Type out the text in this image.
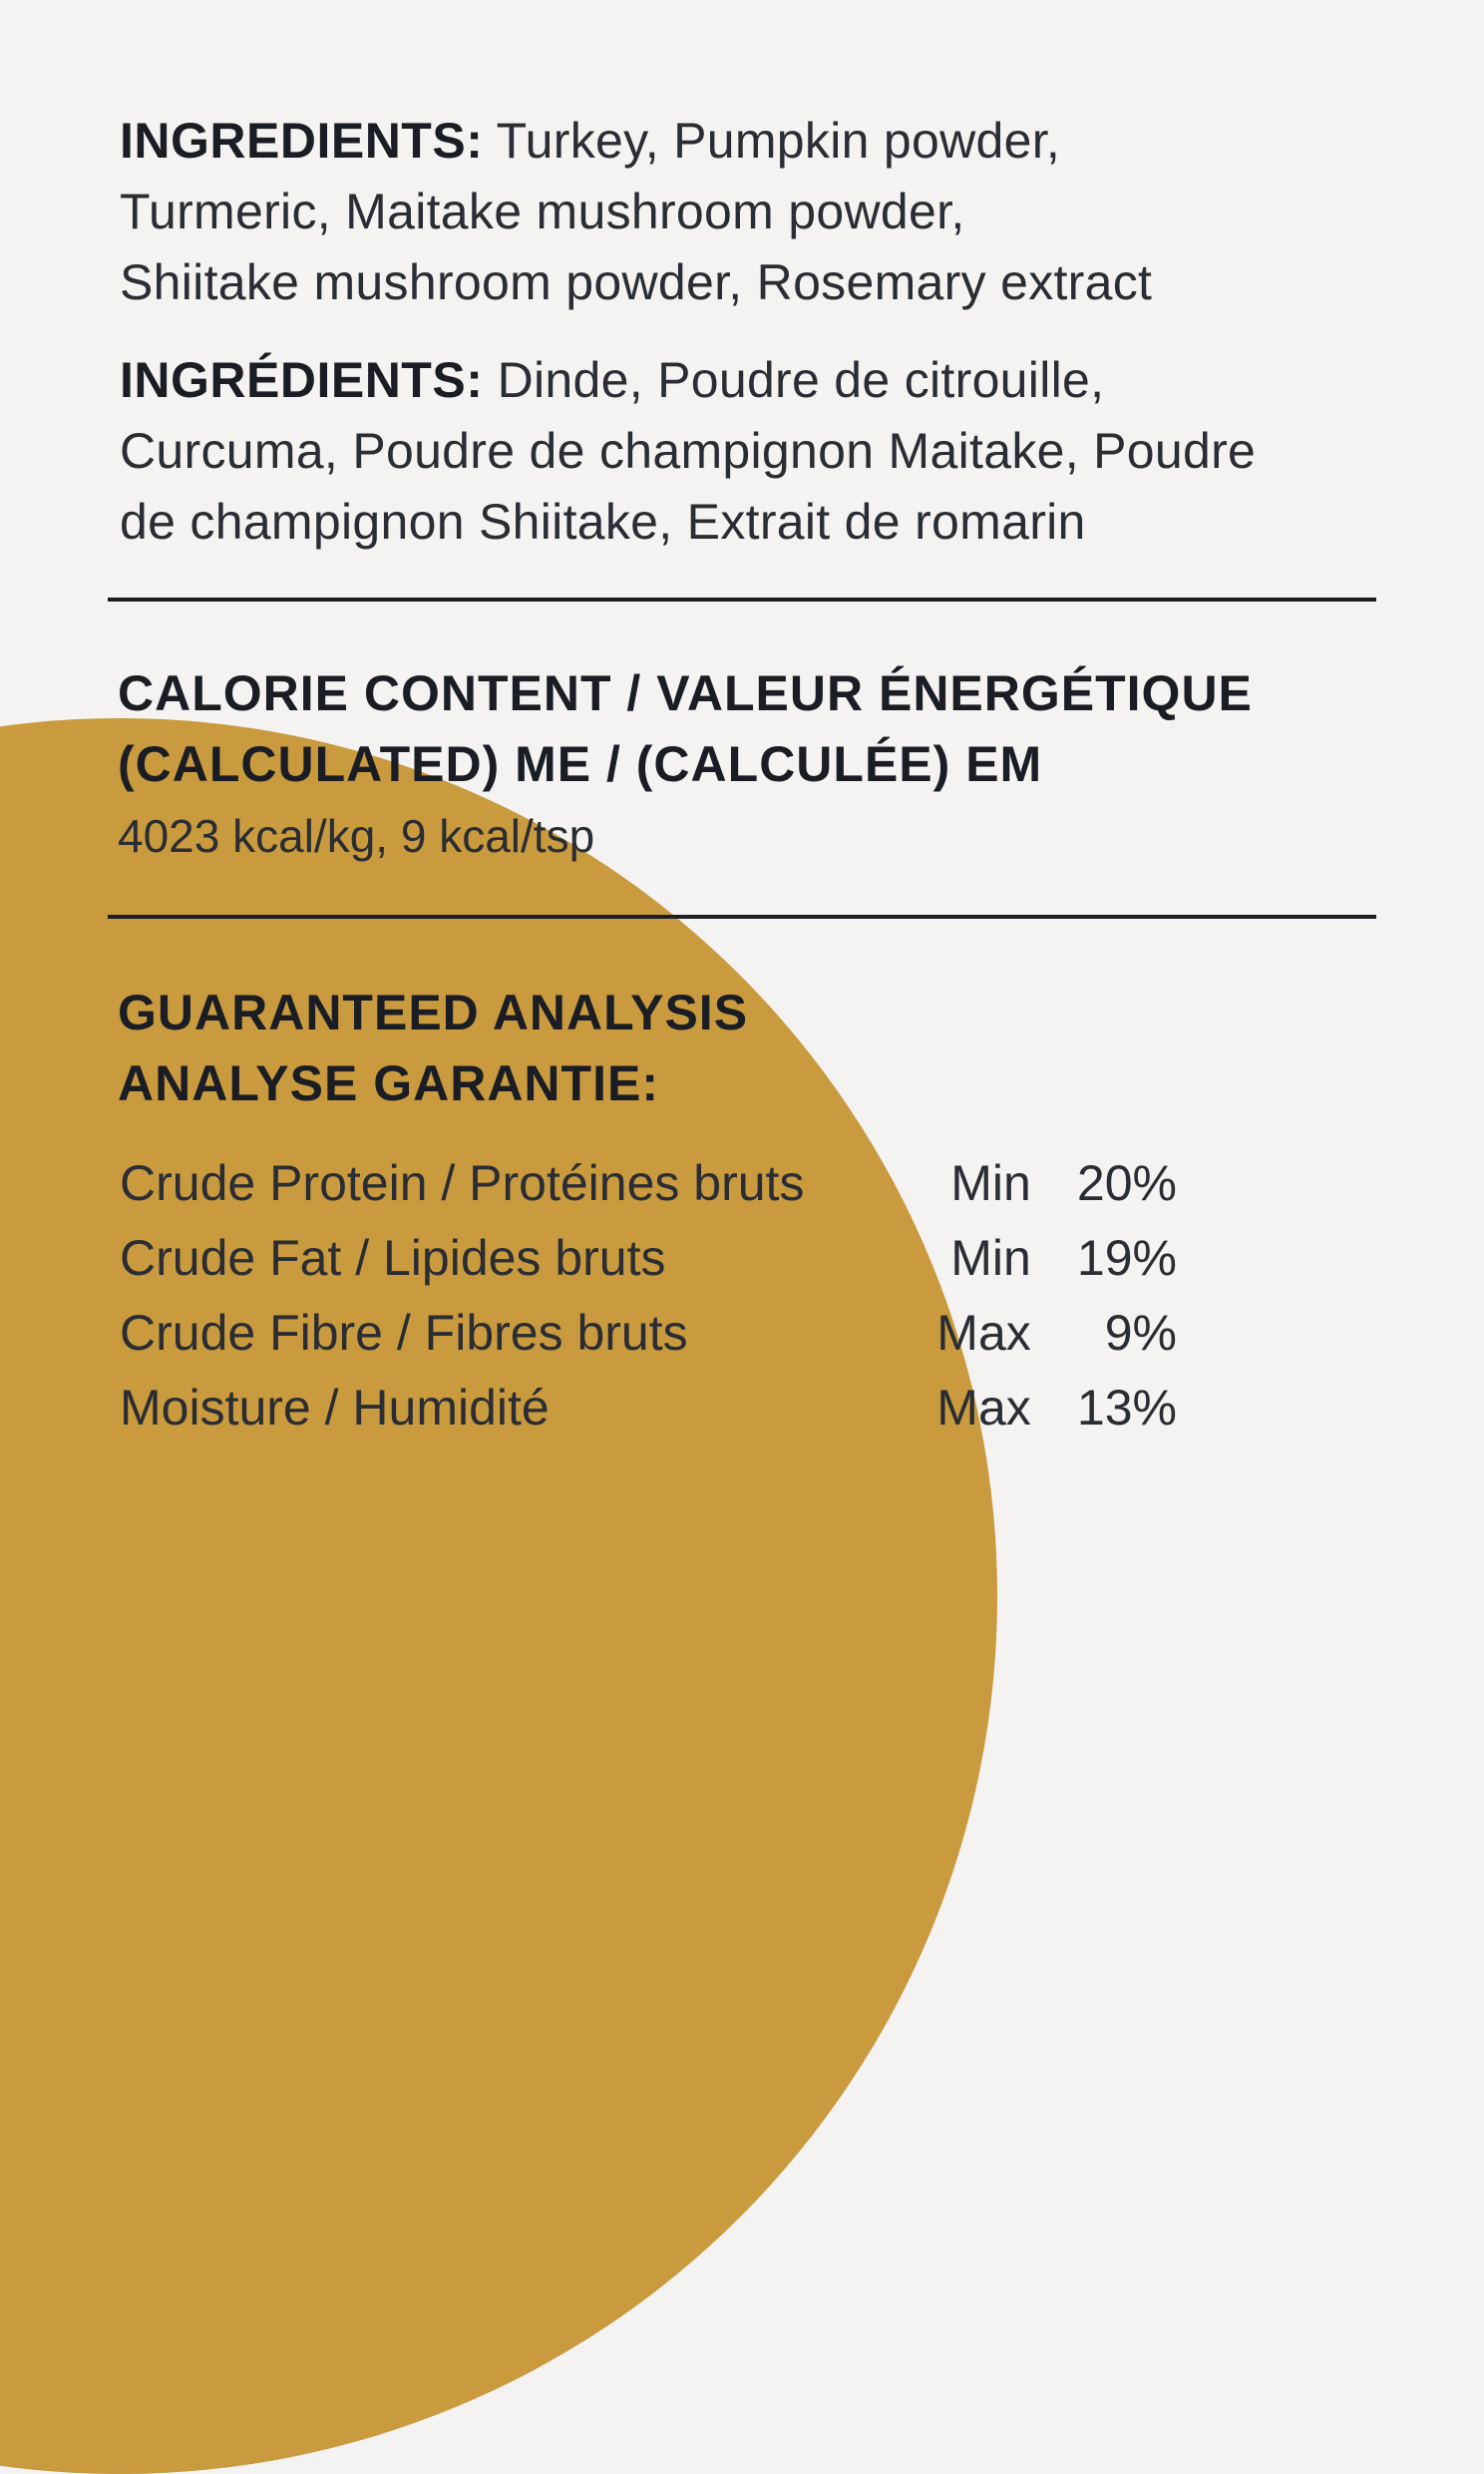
INGREDIENTS: Turkey, Pumpkin powder,
Turmeric, Maitake mushroom powder,
Shiitake mushroom powder, Rosemary extract

INGRÉDIENTS: Dinde, Poudre de citrouille,
Curcuma, Poudre de champignon Maitake, Poudre
de champignon Shiitake, Extrait de romarin

CALORIE CONTENT / VALEUR ÉNERGÉTIQUE
(CALCULATED) ME / (CALCULÉE) EM
4023 kcal/kg, 9 kcal/tsp
GUARANTEED ANALYSIS
ANALYSE GARANTIE:
Crude Protein / Protéines bruts	Min	20%
Crude Fat / Lipides bruts	Min	19%
Crude Fibre / Fibres bruts	Max	9%
Moisture / Humidité	Max	13%
